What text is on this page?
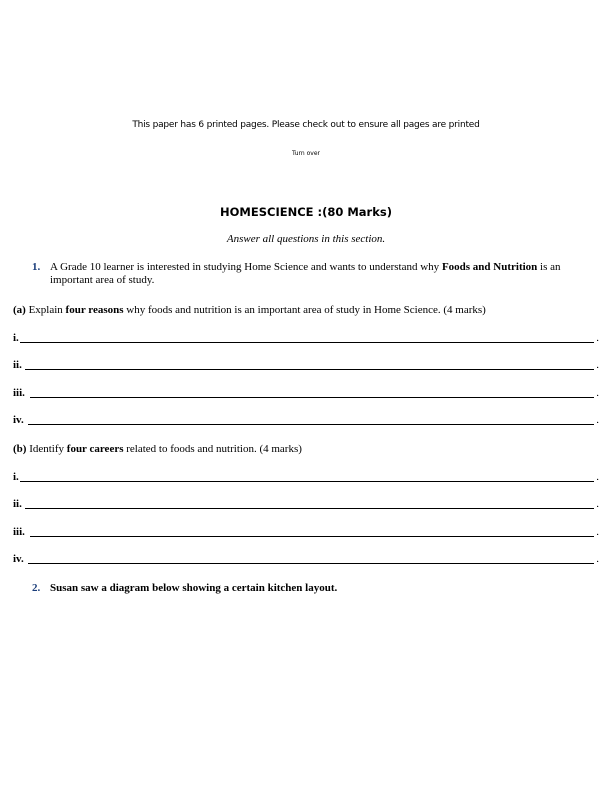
This paper has 6 printed pages. Please check out to ensure all pages are printed
Turn over
HOMESCIENCE :(80 Marks)
Answer all questions in this section.
1. A Grade 10 learner is interested in studying Home Science and wants to understand why Foods and Nutrition is an important area of study.
(a) Explain four reasons why foods and nutrition is an important area of study in Home Science. (4 marks)
i.	.
ii.	.
iii.	.
iv.	.
(b) Identify four careers related to foods and nutrition. (4 marks)
i.	.
ii.	.
iii.	.
iv.	.
2. Susan saw a diagram below showing a certain kitchen layout.
